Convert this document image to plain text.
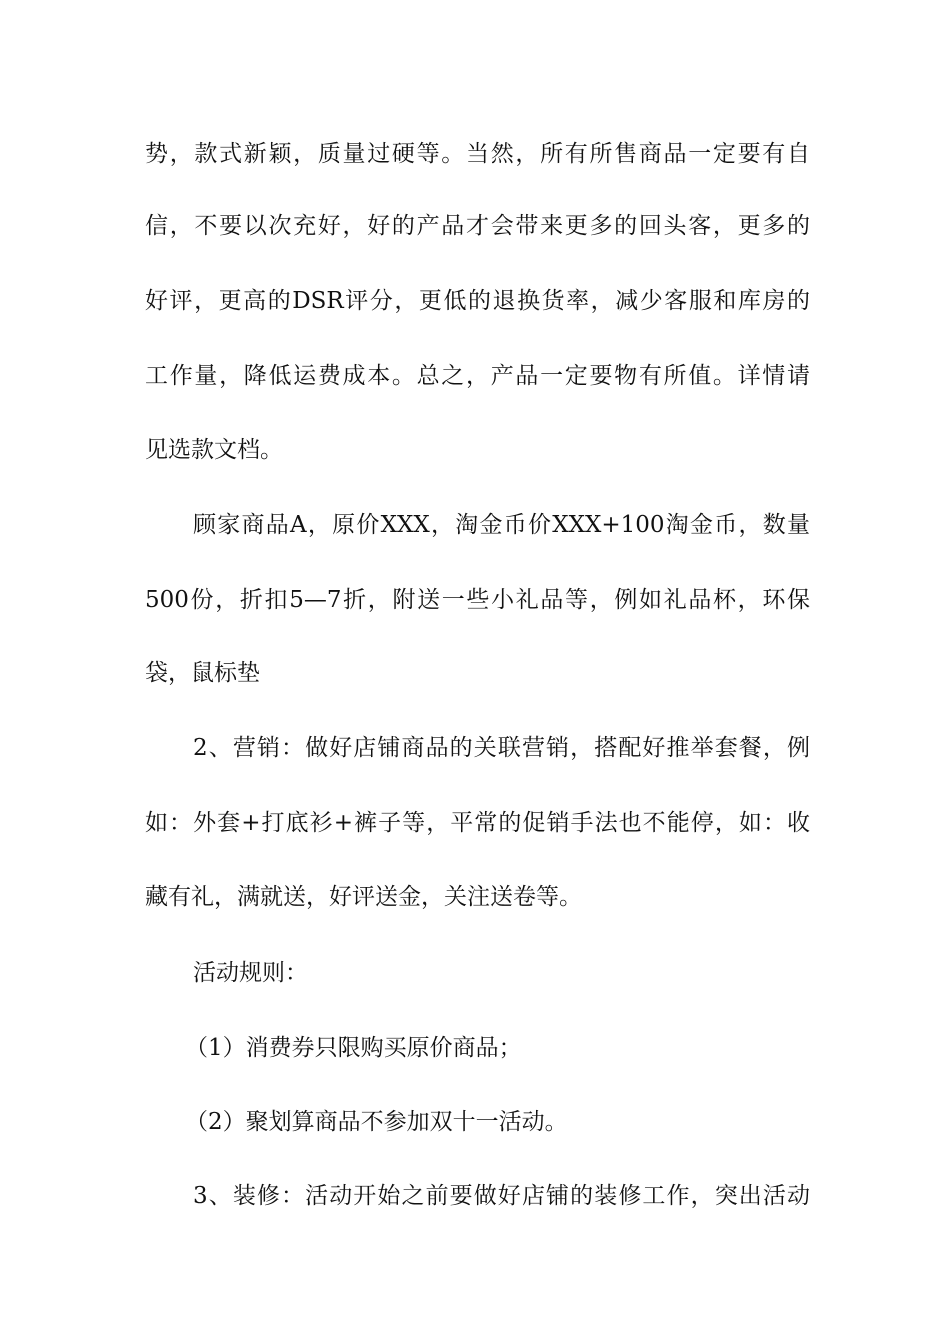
势，款式新颖，质量过硬等。当然，所有所售商品一定要有自
信，不要以次充好，好的产品才会带来更多的回头客，更多的
好评，更高的DSR评分，更低的退换货率，减少客服和库房的
工作量，降低运费成本。总之，产品一定要物有所值。详情请
见选款文档。
顾家商品A，原价XXX，淘金币价XXX+100淘金币，数量
500份，折扣5—7折，附送一些小礼品等，例如礼品杯，环保
袋，鼠标垫
2、营销：做好店铺商品的关联营销，搭配好推举套餐，例
如：外套+打底衫+裤子等，平常的促销手法也不能停，如：收
藏有礼，满就送，好评送金，关注送卷等。
活动规则：
（1）消费券只限购买原价商品；
（2）聚划算商品不参加双十一活动。
3、装修：活动开始之前要做好店铺的装修工作，突出活动
